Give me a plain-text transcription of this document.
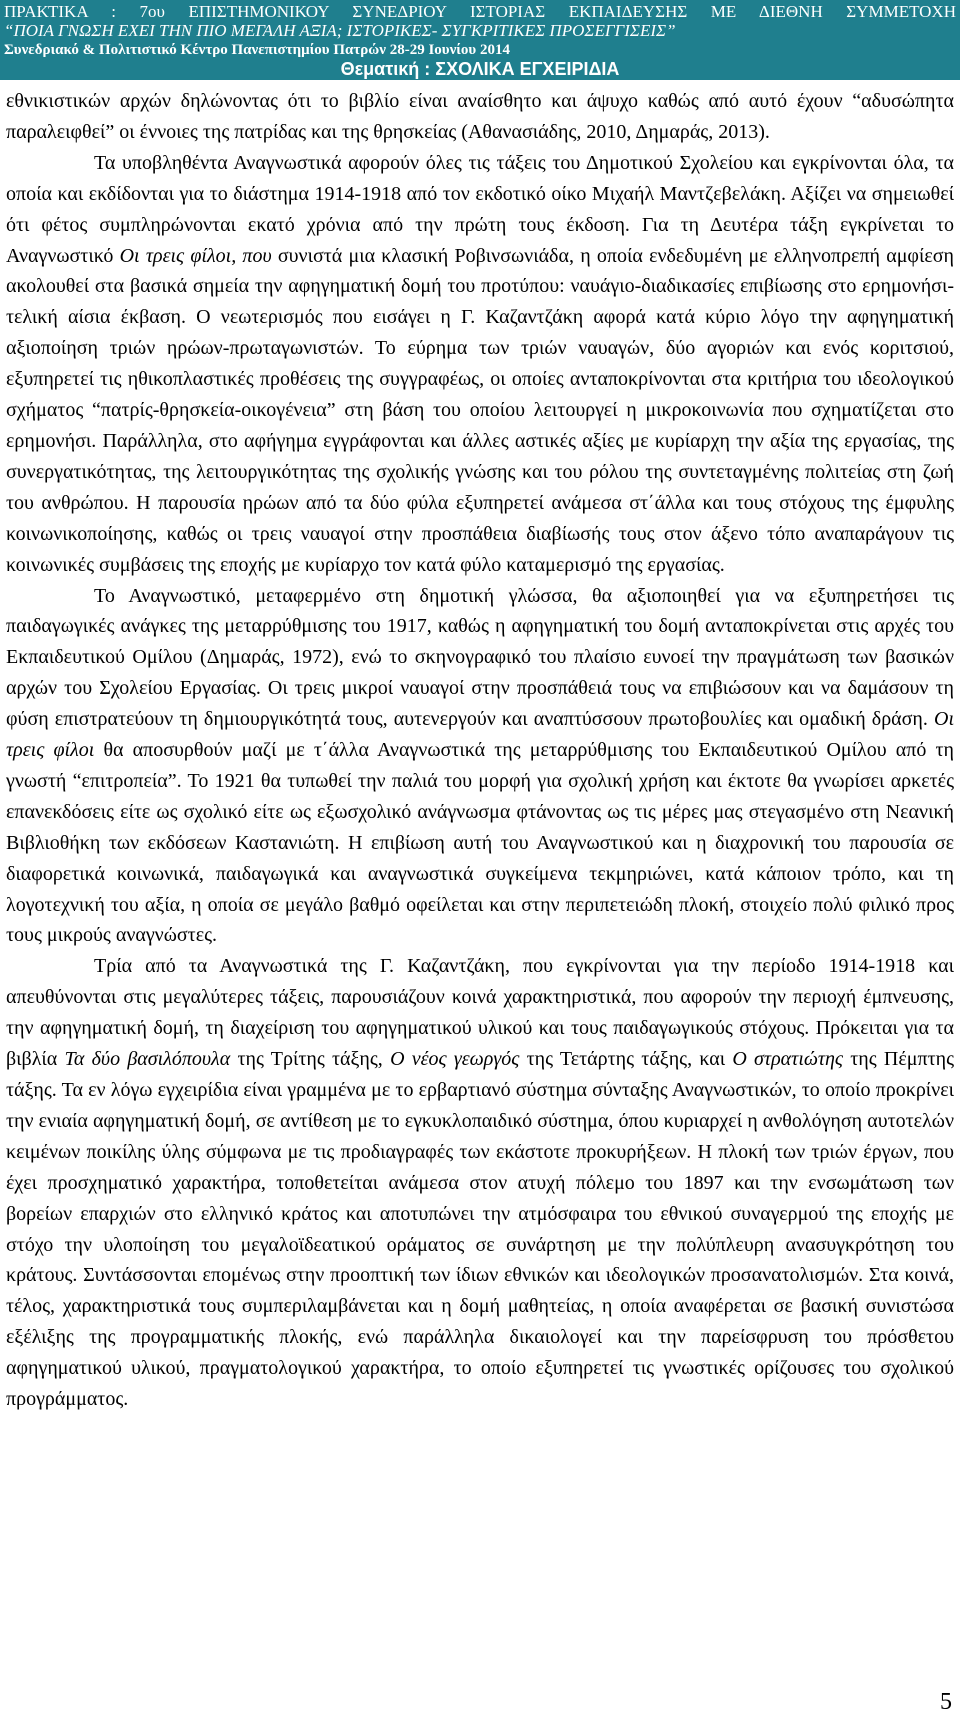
ΠΡΑΚΤΙΚΑ : 7ου ΕΠΙΣΤΗΜΟΝΙΚΟΥ ΣΥΝΕΔΡΙΟΥ ΙΣΤΟΡΙΑΣ ΕΚΠΑΙΔΕΥΣΗΣ ΜΕ ΔΙΕΘΝΗ ΣΥΜΜΕΤΟΧΗ
“ΠΟΙΑ ΓΝΩΣΗ ΕΧΕΙ ΤΗΝ ΠΙΟ ΜΕΓΑΛΗ ΑΞΙΑ; ΙΣΤΟΡΙΚΕΣ- ΣΥΓΚΡΙΤΙΚΕΣ ΠΡΟΣΕΓΓΙΣΕΙΣ”
Συνεδριακό & Πολιτιστικό Κέντρο Πανεπιστημίου Πατρών 28-29 Ιουνίου 2014
Θεματική : ΣΧΟΛΙΚΑ ΕΓΧΕΙΡΙΔΙΑ

εθνικιστικών αρχών δηλώνοντας ότι το βιβλίο είναι αναίσθητο και άψυχο καθώς από αυτό έχουν “αδυσώπητα παραλειφθεί” οι έννοιες της πατρίδας και της θρησκείας (Αθανασιάδης, 2010, Δημαράς, 2013).

Τα υποβληθέντα Αναγνωστικά αφορούν όλες τις τάξεις του Δημοτικού Σχολείου και εγκρίνονται όλα, τα οποία και εκδίδονται για το διάστημα 1914-1918 από τον εκδοτικό οίκο Μιχαήλ Μαντζεβελάκη. Αξίζει να σημειωθεί ότι φέτος συμπληρώνονται εκατό χρόνια από την πρώτη τους έκδοση. Για τη Δευτέρα τάξη εγκρίνεται το Αναγνωστικό Οι τρεις φίλοι, που συνιστά μια κλασική Ροβινσωνιάδα, η οποία ενδεδυμένη με ελληνοπρεπή αμφίεση ακολουθεί στα βασικά σημεία την αφηγηματική δομή του προτύπου: ναυάγιο-διαδικασίες επιβίωσης στο ερημονήσι- τελική αίσια έκβαση. Ο νεωτερισμός που εισάγει η Γ. Καζαντζάκη αφορά κατά κύριο λόγο την αφηγηματική αξιοποίηση τριών ηρώων-πρωταγωνιστών. Το εύρημα των τριών ναυαγών, δύο αγοριών και ενός κοριτσιού, εξυπηρετεί τις ηθικοπλαστικές προθέσεις της συγγραφέως, οι οποίες ανταποκρίνονται στα κριτήρια του ιδεολογικού σχήματος “πατρίς-θρησκεία-οικογένεια” στη βάση του οποίου λειτουργεί η μικροκοινωνία που σχηματίζεται στο ερημονήσι. Παράλληλα, στο αφήγημα εγγράφονται και άλλες αστικές αξίες με κυρίαρχη την αξία της εργασίας, της συνεργατικότητας, της λειτουργικότητας της σχολικής γνώσης και του ρόλου της συντεταγμένης πολιτείας στη ζωή του ανθρώπου. Η παρουσία ηρώων από τα δύο φύλα εξυπηρετεί ανάμεσα στ΄άλλα και τους στόχους της έμφυλης κοινωνικοποίησης, καθώς οι τρεις ναυαγοί στην προσπάθεια διαβίωσής τους στον άξενο τόπο αναπαράγουν τις κοινωνικές συμβάσεις της εποχής με κυρίαρχο τον κατά φύλο καταμερισμό της εργασίας.

Το Αναγνωστικό, μεταφερμένο στη δημοτική γλώσσα, θα αξιοποιηθεί για να εξυπηρετήσει τις παιδαγωγικές ανάγκες της μεταρρύθμισης του 1917, καθώς η αφηγηματική του δομή ανταποκρίνεται στις αρχές του Εκπαιδευτικού Ομίλου (Δημαράς, 1972), ενώ το σκηνογραφικό του πλαίσιο ευνοεί την πραγμάτωση των βασικών αρχών του Σχολείου Εργασίας. Οι τρεις μικροί ναυαγοί στην προσπάθειά τους να επιβιώσουν και να δαμάσουν τη φύση επιστρατεύουν τη δημιουργικότητά τους, αυτενεργούν και αναπτύσσουν πρωτοβουλίες και ομαδική δράση. Οι τρεις φίλοι θα αποσυρθούν μαζί με τ΄άλλα Αναγνωστικά της μεταρρύθμισης του Εκπαιδευτικού Ομίλου από τη γνωστή “επιτροπεία”. Το 1921 θα τυπωθεί την παλιά του μορφή για σχολική χρήση και έκτοτε θα γνωρίσει αρκετές επανεκδόσεις είτε ως σχολικό είτε ως εξωσχολικό ανάγνωσμα φτάνοντας ως τις μέρες μας στεγασμένο στη Νεανική Βιβλιοθήκη των εκδόσεων Καστανιώτη. Η επιβίωση αυτή του Αναγνωστικού και η διαχρονική του παρουσία σε διαφορετικά κοινωνικά, παιδαγωγικά και αναγνωστικά συγκείμενα τεκμηριώνει, κατά κάποιον τρόπο, και τη λογοτεχνική του αξία, η οποία σε μεγάλο βαθμό οφείλεται και στην περιπετειώδη πλοκή, στοιχείο πολύ φιλικό προς τους μικρούς αναγνώστες.

Τρία από τα Αναγνωστικά της Γ. Καζαντζάκη, που εγκρίνονται για την περίοδο 1914-1918 και απευθύνονται στις μεγαλύτερες τάξεις, παρουσιάζουν κοινά χαρακτηριστικά, που αφορούν την περιοχή έμπνευσης, την αφηγηματική δομή, τη διαχείριση του αφηγηματικού υλικού και τους παιδαγωγικούς στόχους. Πρόκειται για τα βιβλία Τα δύο βασιλόπουλα της Τρίτης τάξης, Ο νέος γεωργός της Τετάρτης τάξης, και Ο στρατιώτης της Πέμπτης τάξης. Τα εν λόγω εγχειρίδια είναι γραμμένα με το ερβαρτιανό σύστημα σύνταξης Αναγνωστικών, το οποίο προκρίνει την ενιαία αφηγηματική δομή, σε αντίθεση με το εγκυκλοπαιδικό σύστημα, όπου κυριαρχεί η ανθολόγηση αυτοτελών κειμένων ποικίλης ύλης σύμφωνα με τις προδιαγραφές των εκάστοτε προκυρήξεων. Η πλοκή των τριών έργων, που έχει προσχηματικό χαρακτήρα, τοποθετείται ανάμεσα στον ατυχή πόλεμο του 1897 και την ενσωμάτωση των βορείων επαρχιών στο ελληνικό κράτος και αποτυπώνει την ατμόσφαιρα του εθνικού συναγερμού της εποχής με στόχο την υλοποίηση του μεγαλοϊδεατικού οράματος σε συνάρτηση με την πολύπλευρη ανασυγκρότηση του κράτους. Συντάσσονται επομένως στην προοπτική των ίδιων εθνικών και ιδεολογικών προσανατολισμών. Στα κοινά, τέλος, χαρακτηριστικά τους συμπεριλαμβάνεται και η δομή μαθητείας, η οποία αναφέρεται σε βασική συνιστώσα εξέλιξης της προγραμματικής πλοκής, ενώ παράλληλα δικαιολογεί και την παρείσφρυση του πρόσθετου αφηγηματικού υλικού, πραγματολογικού χαρακτήρα, το οποίο εξυπηρετεί τις γνωστικές ορίζουσες του σχολικού προγράμματος.

5
